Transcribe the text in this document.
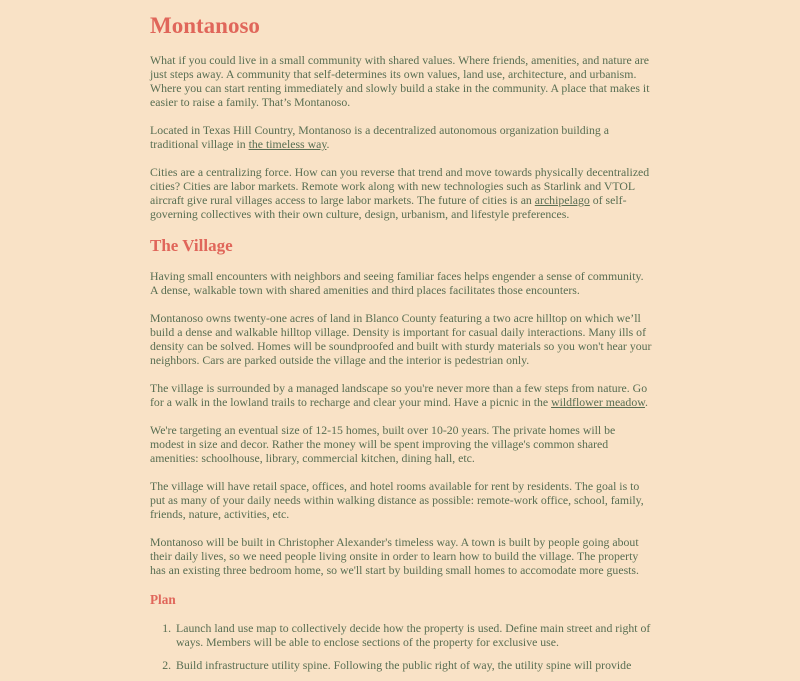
Montanoso

What if you could live in a small community with shared values. Where friends, amenities, and nature are just steps away. A community that self-determines its own values, land use, architecture, and urbanism. Where you can start renting immediately and slowly build a stake in the community. A place that makes it easier to raise a family. That’s Montanoso.

Located in Texas Hill Country, Montanoso is a decentralized autonomous organization building a traditional village in the timeless way.

Cities are a centralizing force. How can you reverse that trend and move towards physically decentralized cities? Cities are labor markets. Remote work along with new technologies such as Starlink and VTOL aircraft give rural villages access to large labor markets. The future of cities is an archipelago of self-governing collectives with their own culture, design, urbanism, and lifestyle preferences.

The Village

Having small encounters with neighbors and seeing familiar faces helps engender a sense of community. A dense, walkable town with shared amenities and third places facilitates those encounters.

Montanoso owns twenty-one acres of land in Blanco County featuring a two acre hilltop on which we’ll build a dense and walkable hilltop village. Density is important for casual daily interactions. Many ills of density can be solved. Homes will be soundproofed and built with sturdy materials so you won't hear your neighbors. Cars are parked outside the village and the interior is pedestrian only.

The village is surrounded by a managed landscape so you're never more than a few steps from nature. Go for a walk in the lowland trails to recharge and clear your mind. Have a picnic in the wildflower meadow.

We're targeting an eventual size of 12-15 homes, built over 10-20 years. The private homes will be modest in size and decor. Rather the money will be spent improving the village's common shared amenities: schoolhouse, library, commercial kitchen, dining hall, etc.

The village will have retail space, offices, and hotel rooms available for rent by residents. The goal is to put as many of your daily needs within walking distance as possible: remote-work office, school, family, friends, nature, activities, etc.

Montanoso will be built in Christopher Alexander's timeless way. A town is built by people going about their daily lives, so we need people living onsite in order to learn how to build the village. The property has an existing three bedroom home, so we'll start by building small homes to accomodate more guests.

Plan
1. Launch land use map to collectively decide how the property is used. Define main street and right of ways. Members will be able to enclose sections of the property for exclusive use.
2. Build infrastructure utility spine. Following the public right of way, the utility spine will provide
